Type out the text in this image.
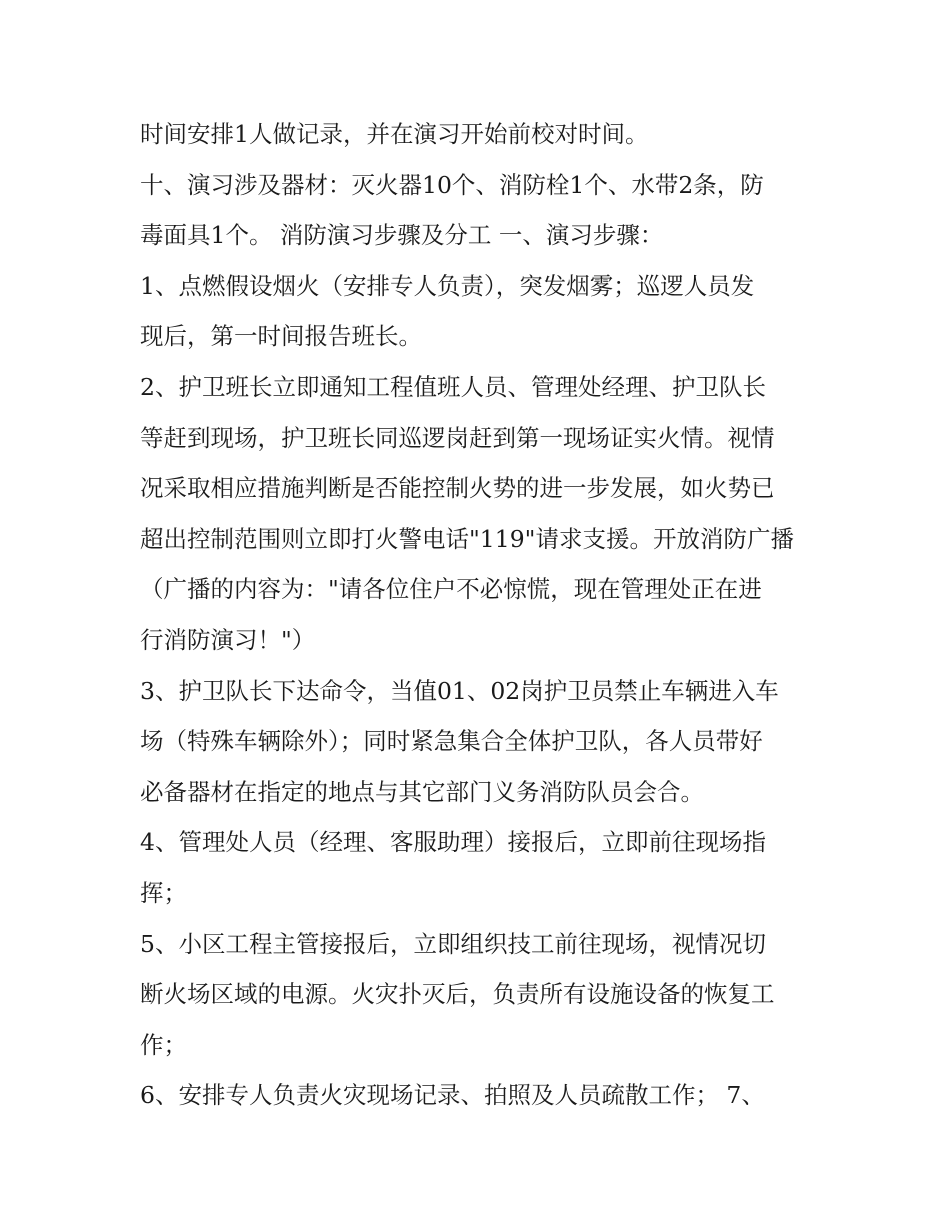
时间安排1人做记录，并在演习开始前校对时间。
十、演习涉及器材：灭火器10个、消防栓1个、水带2条，防
毒面具1个。 消防演习步骤及分工 一、演习步骤：
1、点燃假设烟火（安排专人负责），突发烟雾；巡逻人员发
现后，第一时间报告班长。
2、护卫班长立即通知工程值班人员、管理处经理、护卫队长
等赶到现场，护卫班长同巡逻岗赶到第一现场证实火情。视情
况采取相应措施判断是否能控制火势的进一步发展，如火势已
超出控制范围则立即打火警电话"119"请求支援。开放消防广播
（广播的内容为："请各位住户不必惊慌，现在管理处正在进
行消防演习！"）
3、护卫队长下达命令，当值01、02岗护卫员禁止车辆进入车
场（特殊车辆除外）；同时紧急集合全体护卫队，各人员带好
必备器材在指定的地点与其它部门义务消防队员会合。
4、管理处人员（经理、客服助理）接报后，立即前往现场指
挥；
5、小区工程主管接报后，立即组织技工前往现场，视情况切
断火场区域的电源。火灾扑灭后，负责所有设施设备的恢复工
作；
6、安排专人负责火灾现场记录、拍照及人员疏散工作； 7、
